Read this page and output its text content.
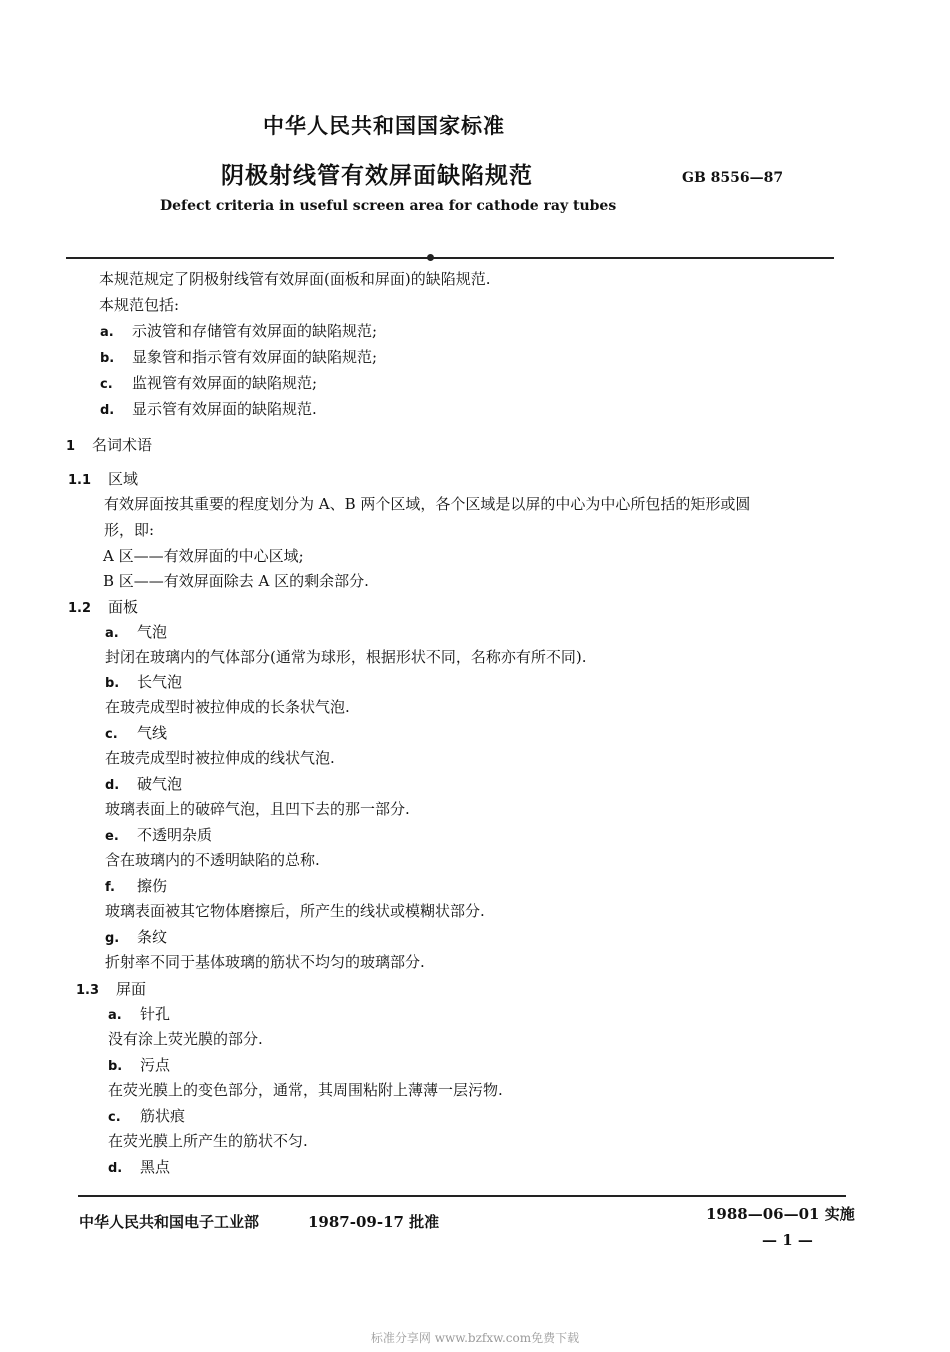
中华人民共和国国家标准
阴极射线管有效屏面缺陷规范	GB 8556—87
Defect criteria in useful screen area for cathode ray tubes
本规范规定了阴极射线管有效屏面(面板和屏面)的缺陷规范.
本规范包括:
a. 示波管和存储管有效屏面的缺陷规范;
b. 显象管和指示管有效屏面的缺陷规范;
c. 监视管有效屏面的缺陷规范;
d. 显示管有效屏面的缺陷规范.
1 名词术语
1.1 区域
有效屏面按其重要的程度划分为 A、B 两个区域，各个区域是以屏的中心为中心所包括的矩形或圆
形，即:
A 区——有效屏面的中心区域;
B 区——有效屏面除去 A 区的剩余部分.
1.2 面板
a. 气泡
封闭在玻璃内的气体部分(通常为球形，根据形状不同，名称亦有所不同).
b. 长气泡
在玻壳成型时被拉伸成的长条状气泡.
c. 气线
在玻壳成型时被拉伸成的线状气泡.
d. 破气泡
玻璃表面上的破碎气泡，且凹下去的那一部分.
e. 不透明杂质
含在玻璃内的不透明缺陷的总称.
f. 擦伤
玻璃表面被其它物体磨擦后，所产生的线状或模糊状部分.
g. 条纹
折射率不同于基体玻璃的筋状不均匀的玻璃部分.
1.3 屏面
a. 针孔
没有涂上荧光膜的部分.
b. 污点
在荧光膜上的变色部分，通常，其周围粘附上薄薄一层污物.
c. 筋状痕
在荧光膜上所产生的筋状不匀.
d. 黑点
中华人民共和国电子工业部	1987-09-17 批准	1988—06—01 实施
— 1 —
标准分享网 www.bzfxw.com免费下载
